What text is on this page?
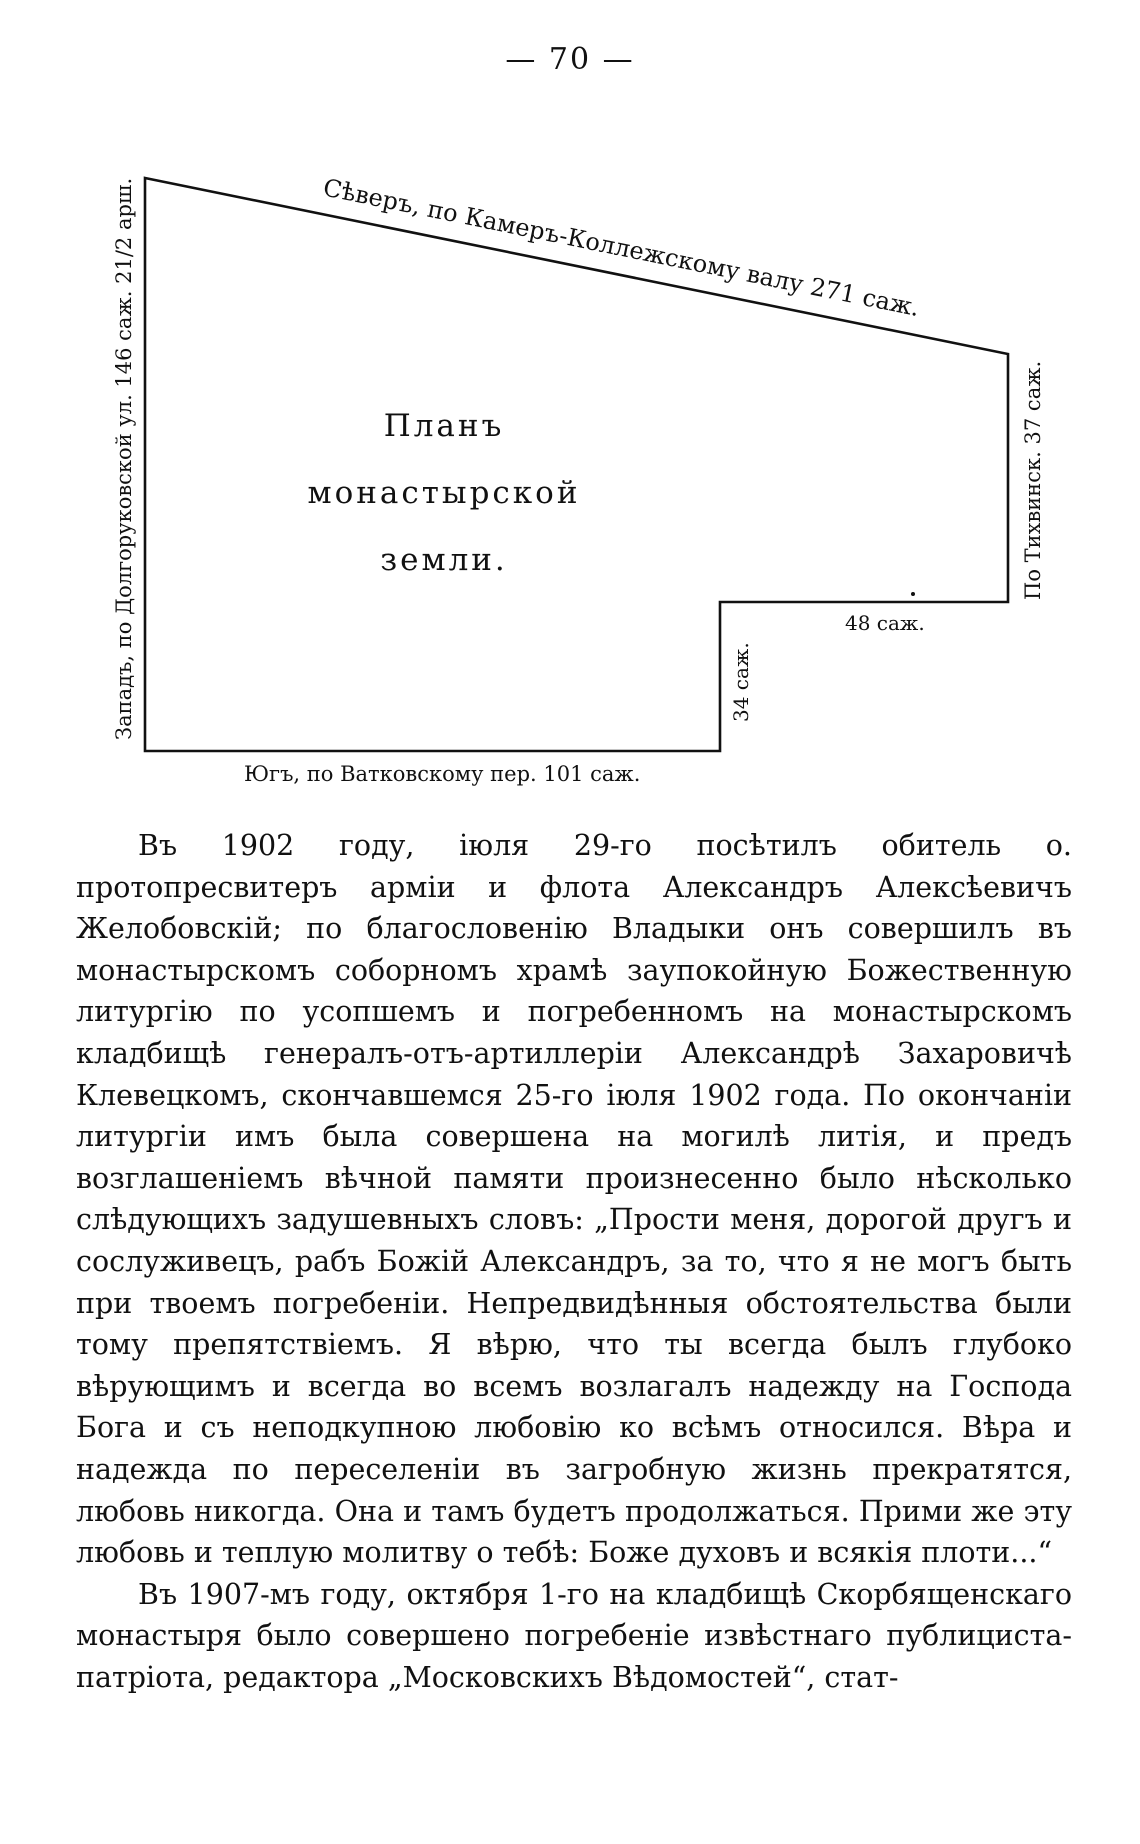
— 70 —
Сѣверъ, по Камеръ-Коллежскому валу 271 саж.
Западъ, по Долгоруковской ул. 146 саж. 21/2 арш.	По Тихвинск. 37 саж.
48 саж.
34 саж.
Югъ, по Ватковскому пер. 101 саж.
Планъ
монастырской
земли.

Въ 1902 году, іюля 29-го посѣтилъ обитель о. протопресвитеръ арміи и флота Александръ Алексѣевичъ Желобовскій; по благословенію Владыки онъ совершилъ въ монастырскомъ соборномъ храмѣ заупокойную Божественную литургію по усопшемъ и погребенномъ на монастырскомъ кладбищѣ генералъ-отъ-артиллеріи Александрѣ Захаровичѣ Клевецкомъ, скончавшемся 25-го іюля 1902 года. По окончаніи литургіи имъ была совершена на могилѣ литія, и предъ возглашеніемъ вѣчной памяти произнесенно было нѣсколько слѣдующихъ задушевныхъ словъ: „Прости меня, дорогой другъ и сослуживецъ, рабъ Божій Александръ, за то, что я не могъ быть при твоемъ погребеніи. Непредвидѣнныя обстоятельства были тому препятствіемъ. Я вѣрю, что ты всегда былъ глубоко вѣрующимъ и всегда во всемъ возлагалъ надежду на Господа Бога и съ неподкупною любовію ко всѣмъ относился. Вѣра и надежда по переселеніи въ загробную жизнь прекратятся, любовь никогда. Она и тамъ будетъ продолжаться. Прими же эту любовь и теплую молитву о тебѣ: Боже духовъ и всякія плоти...“

Въ 1907-мъ году, октября 1-го на кладбищѣ Скорбященскаго монастыря было совершено погребеніе извѣстнаго публициста-патріота, редактора „Московскихъ Вѣдомостей“, стат-
